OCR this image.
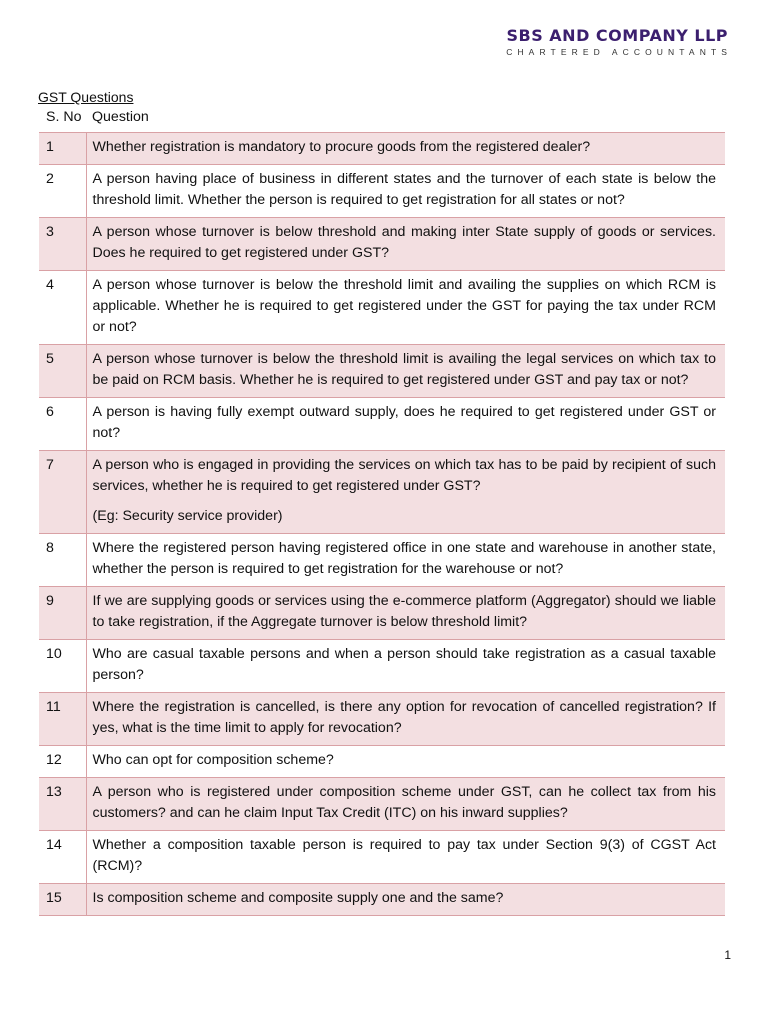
SBS AND COMPANY LLP
CHARTERED ACCOUNTANTS
GST Questions
S. No	Question
1	Whether registration is mandatory to procure goods from the registered dealer?
2	A person having place of business in different states and the turnover of each state is below the threshold limit. Whether the person is required to get registration for all states or not?
3	A person whose turnover is below threshold and making inter State supply of goods or services. Does he required to get registered under GST?
4	A person whose turnover is below the threshold limit and availing the supplies on which RCM is applicable. Whether he is required to get registered under the GST for paying the tax under RCM or not?
5	A person whose turnover is below the threshold limit is availing the legal services on which tax to be paid on RCM basis. Whether he is required to get registered under GST and pay tax or not?
6	A person is having fully exempt outward supply, does he required to get registered under GST or not?
7	A person who is engaged in providing the services on which tax has to be paid by recipient of such services, whether he is required to get registered under GST?
(Eg: Security service provider)

8	Where the registered person having registered office in one state and warehouse in another state, whether the person is required to get registration for the warehouse or not?
9	If we are supplying goods or services using the e-commerce platform (Aggregator) should we liable to take registration, if the Aggregate turnover is below threshold limit?
10	Who are casual taxable persons and when a person should take registration as a casual taxable person?
11	Where the registration is cancelled, is there any option for revocation of cancelled registration? If yes, what is the time limit to apply for revocation?
12	Who can opt for composition scheme?
13	A person who is registered under composition scheme under GST, can he collect tax from his customers? and can he claim Input Tax Credit (ITC) on his inward supplies?
14	Whether a composition taxable person is required to pay tax under Section 9(3) of CGST Act (RCM)?
15	Is composition scheme and composite supply one and the same?
1
